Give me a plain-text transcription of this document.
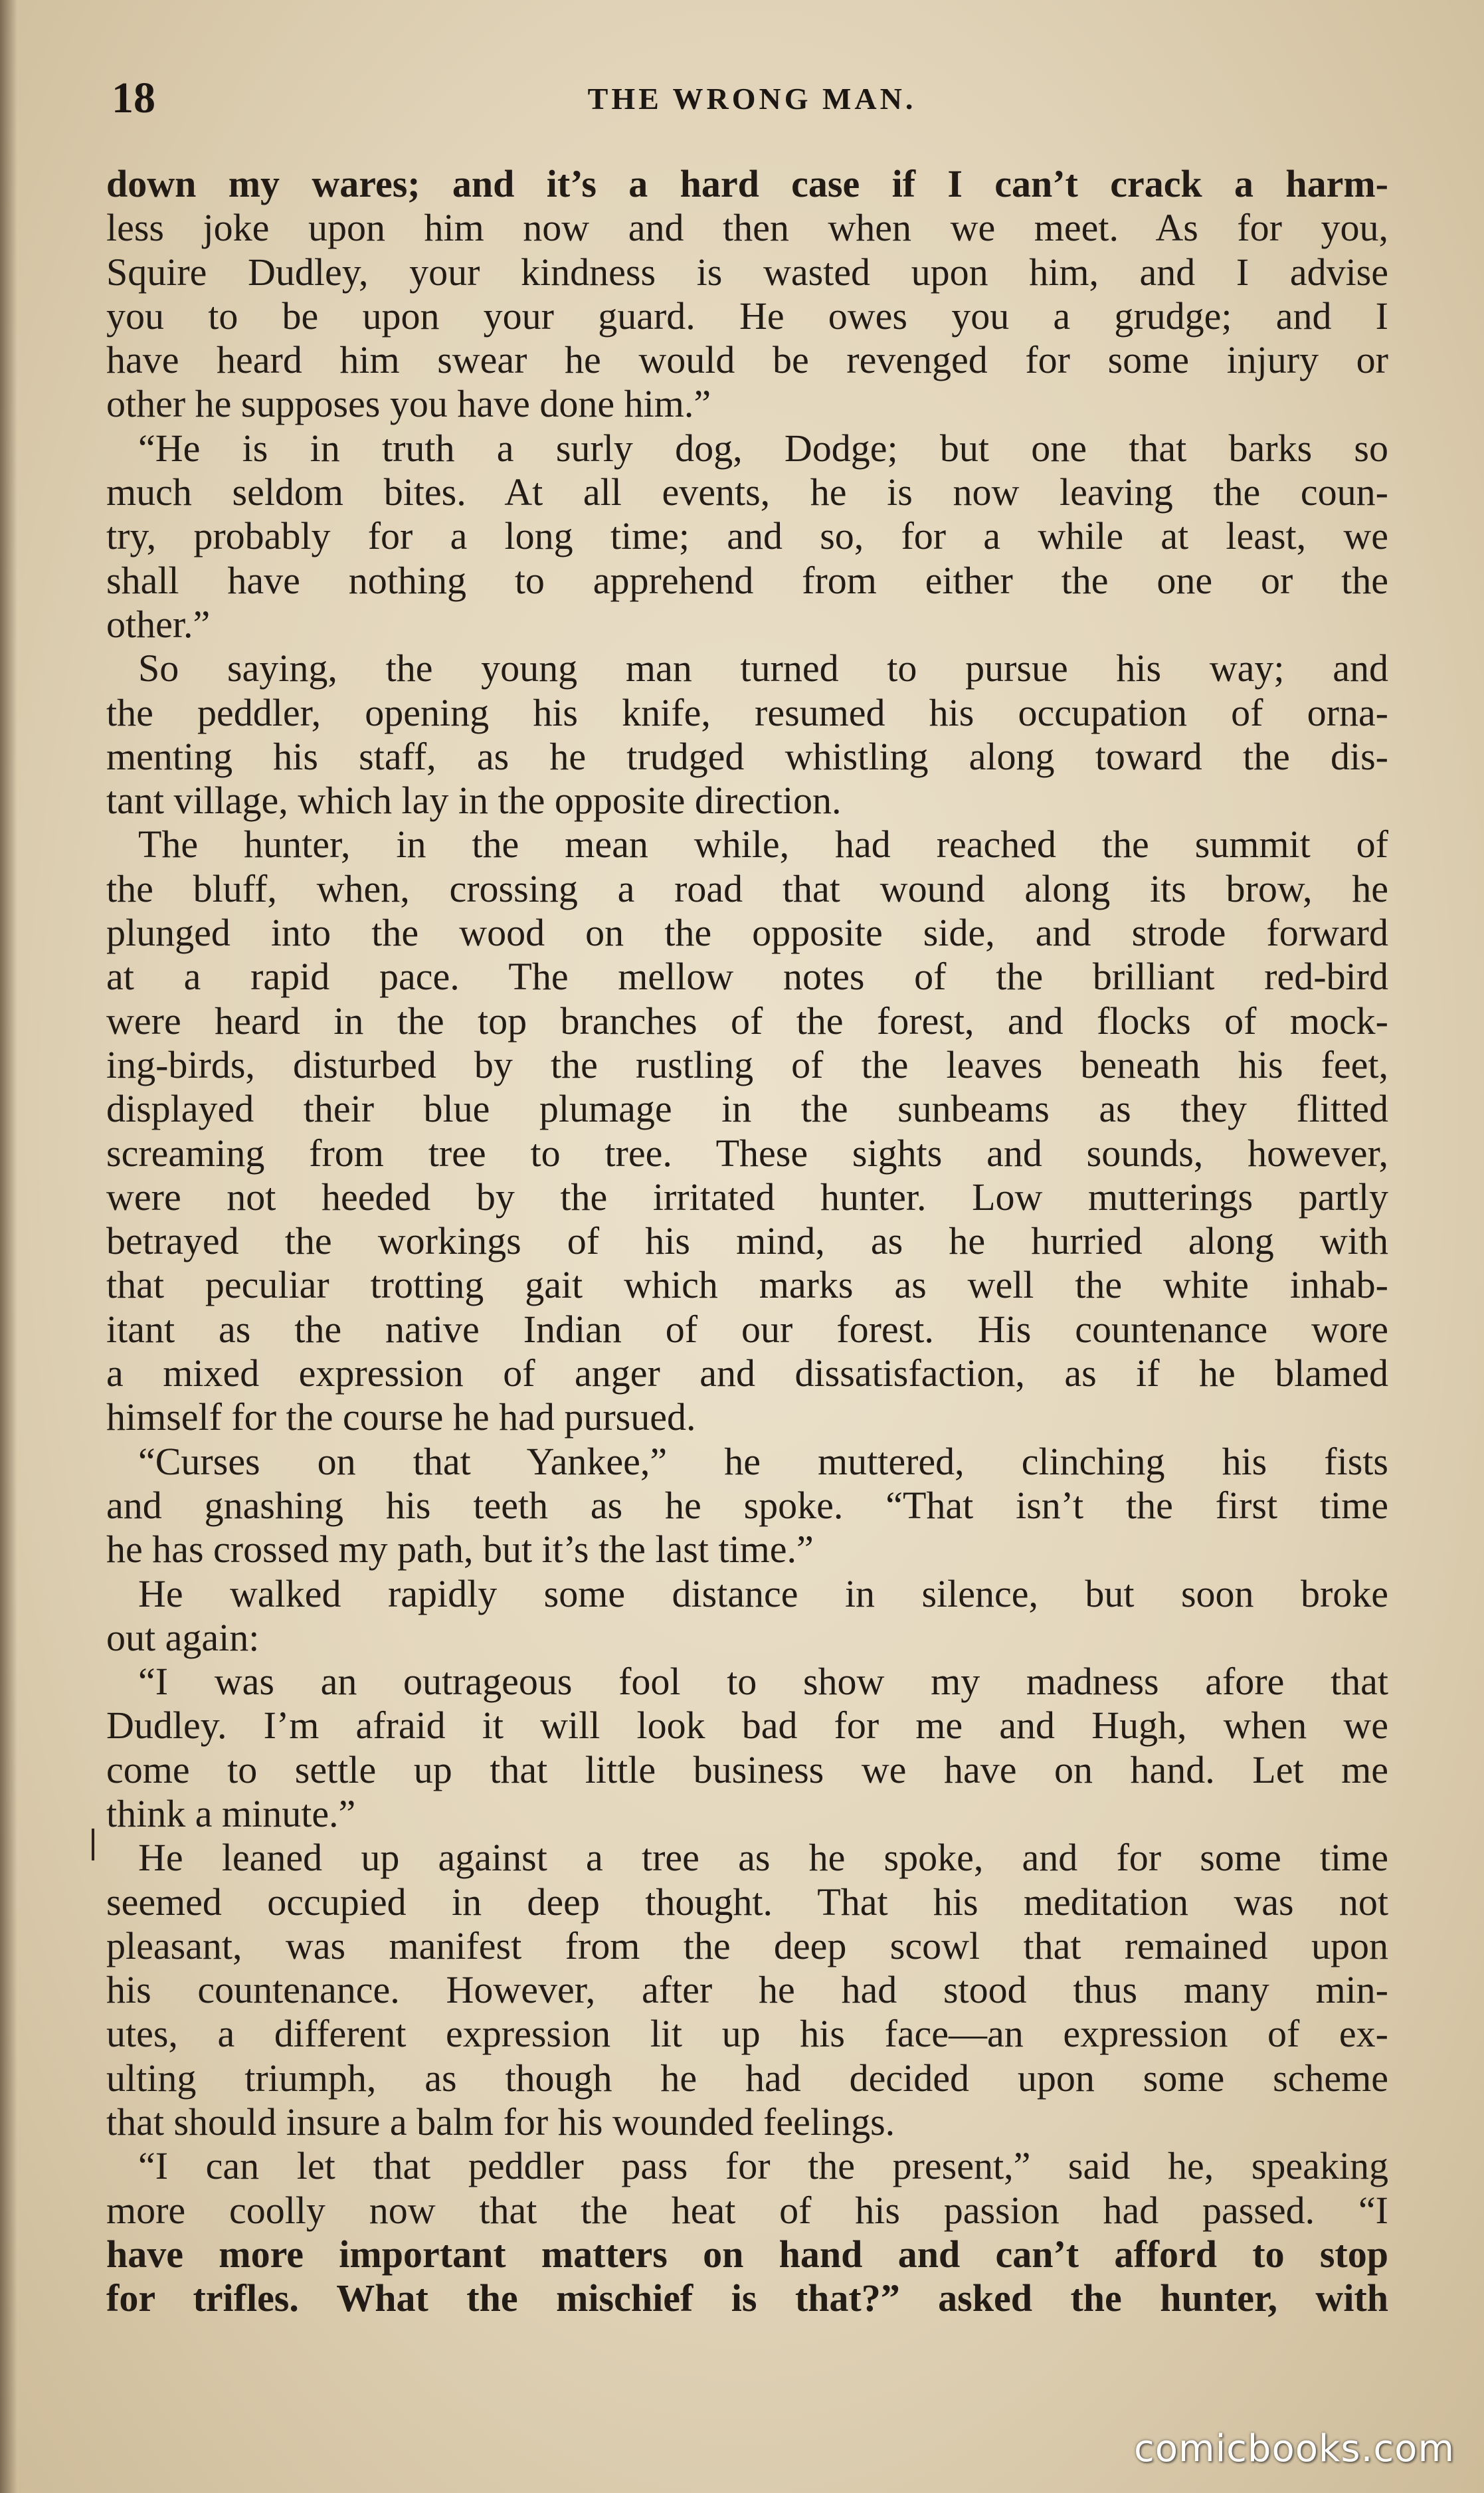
18	THE WRONG MAN.
down my wares; and it’s a hard case if I can’t crack a harm-
less joke upon him now and then when we meet. As for you,
Squire Dudley, your kindness is wasted upon him, and I advise
you to be upon your guard. He owes you a grudge; and I
have heard him swear he would be revenged for some injury or
other he supposes you have done him.”
“He is in truth a surly dog, Dodge; but one that barks so
much seldom bites. At all events, he is now leaving the coun-
try, probably for a long time; and so, for a while at least, we
shall have nothing to apprehend from either the one or the
other.”
So saying, the young man turned to pursue his way; and
the peddler, opening his knife, resumed his occupation of orna-
menting his staff, as he trudged whistling along toward the dis-
tant village, which lay in the opposite direction.
The hunter, in the mean while, had reached the summit of
the bluff, when, crossing a road that wound along its brow, he
plunged into the wood on the opposite side, and strode forward
at a rapid pace. The mellow notes of the brilliant red-bird
were heard in the top branches of the forest, and flocks of mock-
ing-birds, disturbed by the rustling of the leaves beneath his feet,
displayed their blue plumage in the sunbeams as they flitted
screaming from tree to tree. These sights and sounds, however,
were not heeded by the irritated hunter. Low mutterings partly
betrayed the workings of his mind, as he hurried along with
that peculiar trotting gait which marks as well the white inhab-
itant as the native Indian of our forest. His countenance wore
a mixed expression of anger and dissatisfaction, as if he blamed
himself for the course he had pursued.
“Curses on that Yankee,” he muttered, clinching his fists
and gnashing his teeth as he spoke. “That isn’t the first time
he has crossed my path, but it’s the last time.”
He walked rapidly some distance in silence, but soon broke
out again:
“I was an outrageous fool to show my madness afore that
Dudley. I’m afraid it will look bad for me and Hugh, when we
come to settle up that little business we have on hand. Let me
think a minute.”
He leaned up against a tree as he spoke, and for some time
seemed occupied in deep thought. That his meditation was not
pleasant, was manifest from the deep scowl that remained upon
his countenance. However, after he had stood thus many min-
utes, a different expression lit up his face—an expression of ex-
ulting triumph, as though he had decided upon some scheme
that should insure a balm for his wounded feelings.
“I can let that peddler pass for the present,” said he, speaking
more coolly now that the heat of his passion had passed. “I
have more important matters on hand and can’t afford to stop
for trifles. What the mischief is that?” asked the hunter, with
comicbooks.com
